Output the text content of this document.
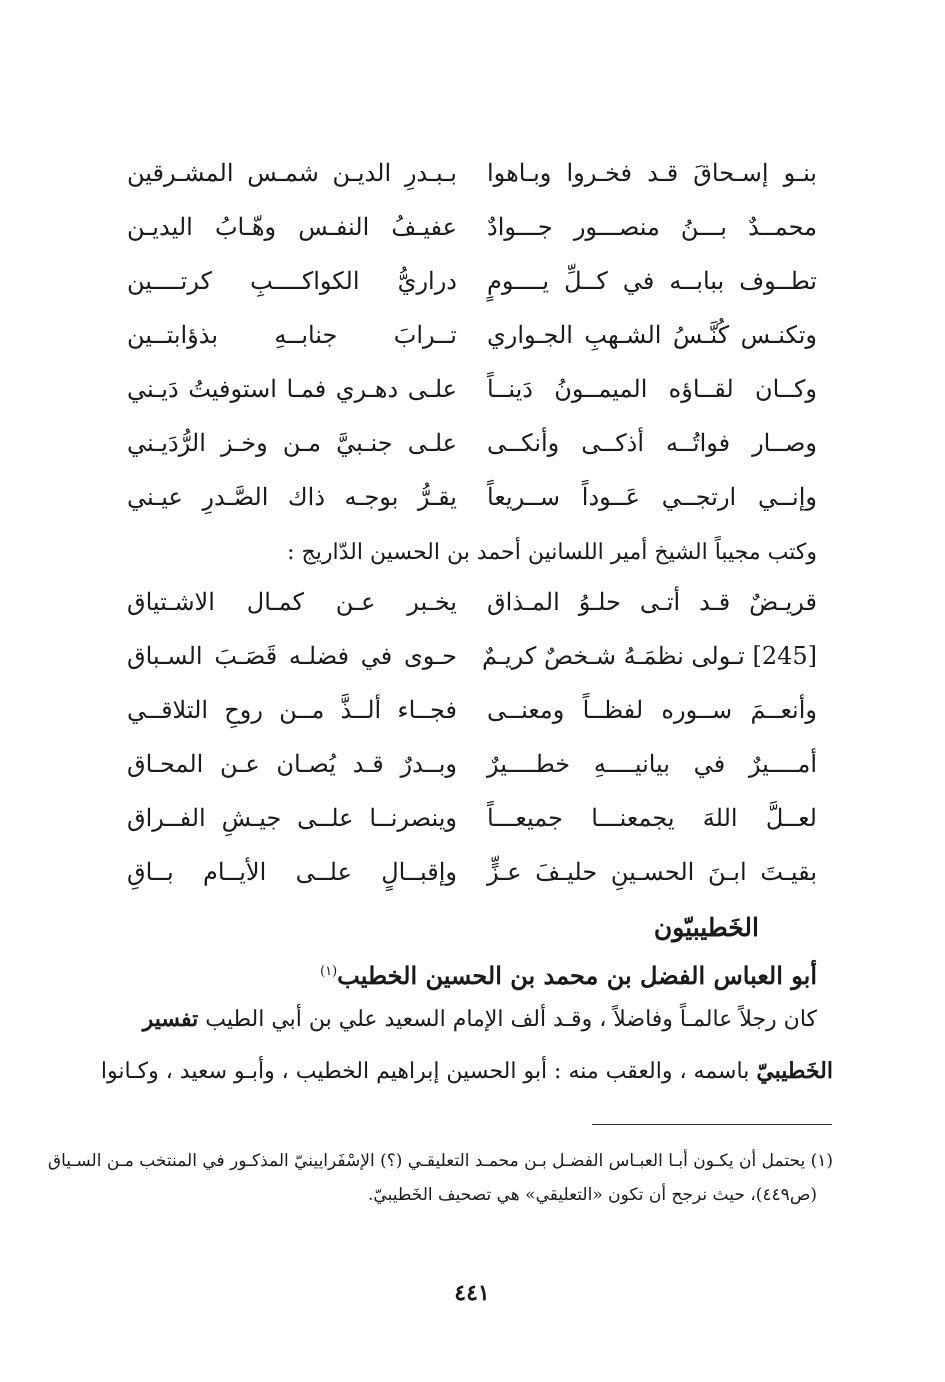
بنـو إسـحاقَ قـد فخـروا وبـاهوا
بـبـدرِ الديـن شمـس المشـرقين
محمــدٌ بـــنُ منصـــور جـــوادٌ
عفيـفُ النفـس وهّـابُ اليديـن
تطــوف ببابــه في كــلِّ يــــومٍ
دراريُّ الكواكــــبِ كرتــــين
وتكنـس كُنَّـسُ الشـهبِ الجـواري
تــرابَ جنابــهِ بذؤابتــين
وكــان لقــاؤه الميمــونُ دَينــاً
علـى دهـري فمـا استوفيتُ دَيـني
وصــار فواتُــه أذكــى وأنكــى
علـى جنـبيَّ مـن وخـز الرُّدَيـني
وإنــي ارتجــي عَــوداً ســريعاً
يقـرُّ بوجـه ذاك الصَّـدرِ عيـني
وكتب مجيباً الشيخ أمير اللسانين أحمد بن الحسين الدّاريج :
قريـضٌ قـد أتـى حلـوُ المـذاق
يخـبر عـن كمـال الاشـتياق
[245] تـولى نظمَـهُ شـخصٌ كريـمٌ
حـوى في فضلـه قَصَـبَ السـباق
وأنعــمَ ســوره لفظــاً ومعنــى
فجــاء ألــذَّ مــن روحِ التلاقــي
أمــــيرٌ في بيانيــــهِ خطــــيرٌ
وبــدرٌ قـد يُصـان عـن المحـاق
لعــلَّ اللهَ يجمعنـــا جميعـــاً
وينصرنــا علــى جيـشِ الفــراق
بقيـتَ ابـنَ الحسـينِ حليـفَ عـزٍّ
وإقبــالٍ علــى الأيــام بــاقِ
الخَطيبيّون
أبو العباس الفضل بن محمد بن الحسين الخطيب$^{(١)}$
كان رجلاً عالمـاً وفاضلاً ، وقـد ألف الإمام السعيد علي بن أبي الطيب تفسير
الخَطيبيّ باسمه ، والعقب منه : أبو الحسين إبراهيم الخطيب ، وأبـو سعيد ، وكـانوا
(١) يحتمل أن يكـون أبـا العبـاس الفضـل بـن محمـد التعليقـي (؟) الإسْفَرايينيّ المذكـور في المنتخب مـن السـياق
(ص٤٤٩)، حيث نرجح أن تكون «التعليقي» هي تصحيف الخَطيبيّ.
٤٤١
